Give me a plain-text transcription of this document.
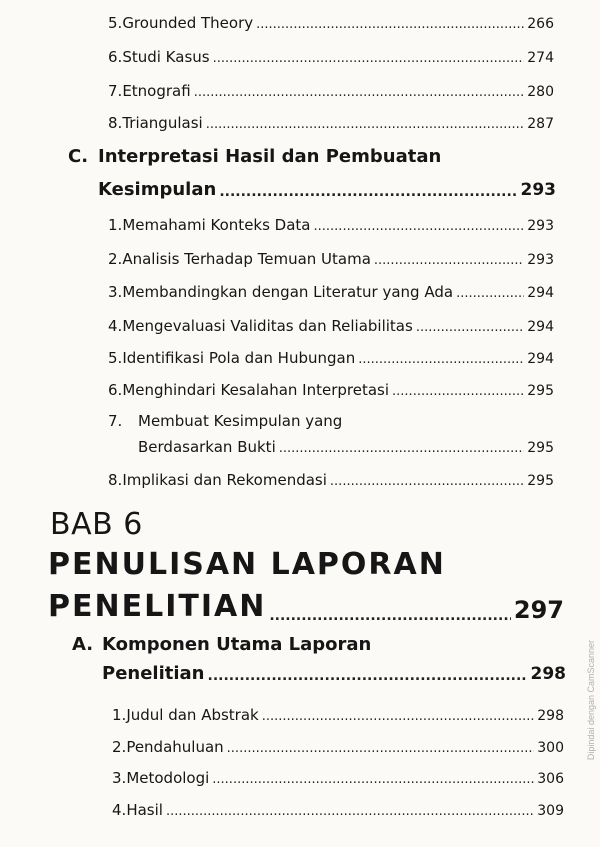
5. Grounded Theory .....	266
6. Studi Kasus .....	274
7. Etnografi .....	280
8. Triangulasi .....	287
C. Interpretasi Hasil dan Pembuatan
Kesimpulan .....	293
1. Memahami Konteks Data .....	293
2. Analisis Terhadap Temuan Utama .....	293
3. Membandingkan dengan Literatur yang Ada .....	294
4. Mengevaluasi Validitas dan Reliabilitas .....	294
5. Identifikasi Pola dan Hubungan .....	294
6. Menghindari Kesalahan Interpretasi .....	295
7.	Membuat Kesimpulan yang
Berdasarkan Bukti .....	295
8. Implikasi dan Rekomendasi .....	295
BAB 6
PENULISAN LAPORAN
PENELITIAN .....	297
A. Komponen Utama Laporan
Penelitian .....	298
1. Judul dan Abstrak .....	298
2. Pendahuluan .....	300
3. Metodologi .....	306
4. Hasil .....	309
Dipindai dengan CamScanner
